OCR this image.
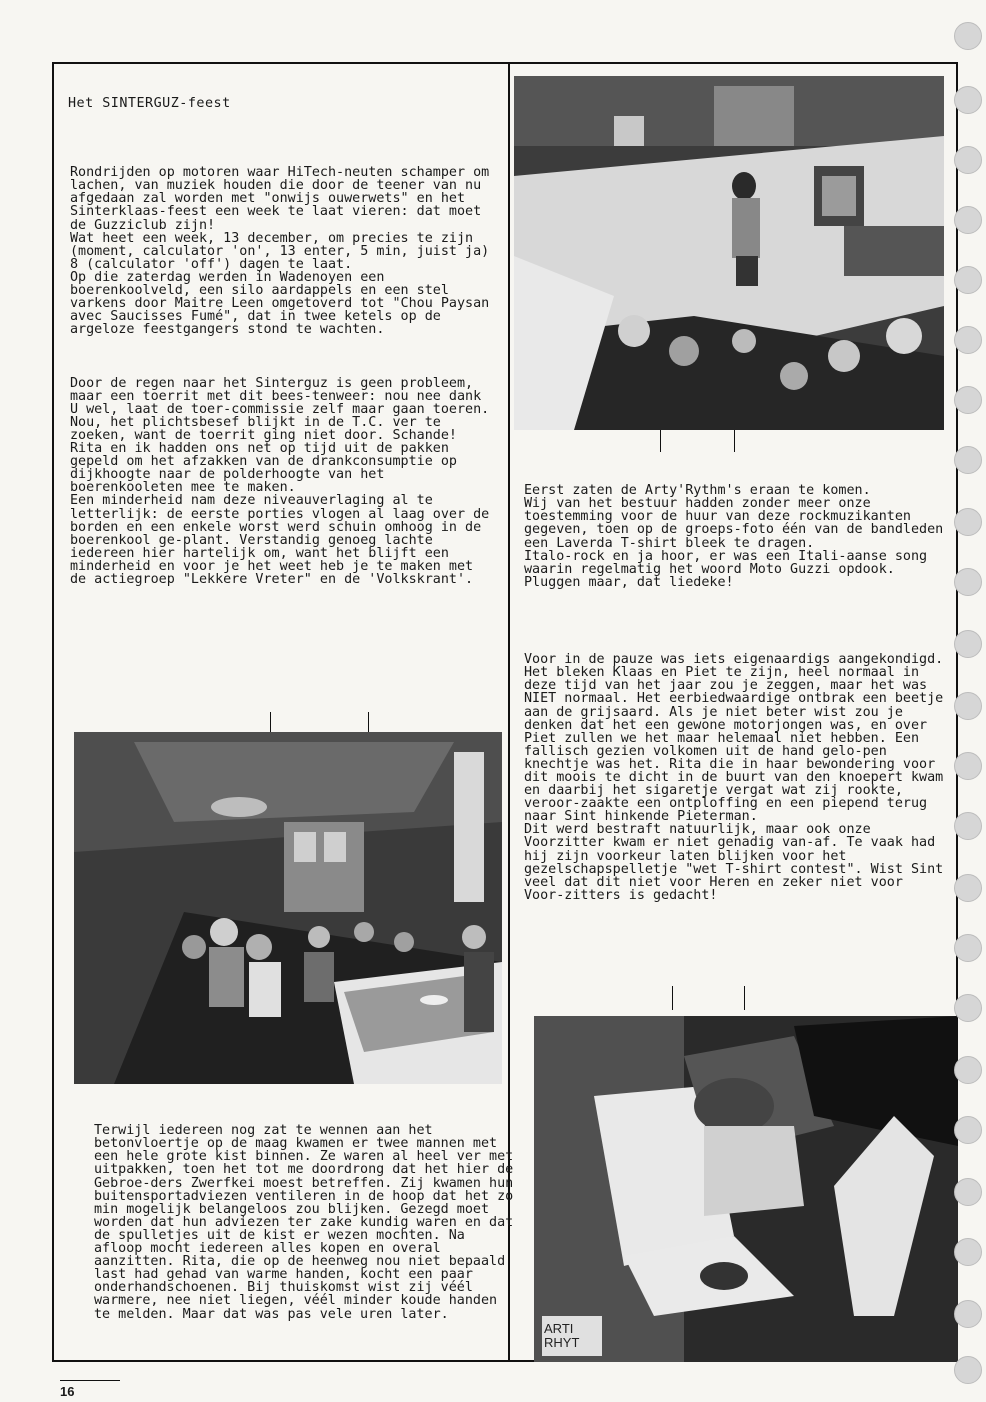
Het SINTERGUZ-feest

Rondrijden op motoren waar HiTech-neuten schamper om lachen, van muziek houden die door de teener van nu afgedaan zal worden met "onwijs ouwerwets" en het Sinterklaas-feest een week te laat vieren: dat moet de Guzziclub zijn!
Wat heet een week, 13 december, om precies te zijn (moment, calculator 'on', 13 enter, 5 min, juist ja) 8 (calculator 'off') dagen te laat.
Op die zaterdag werden in Wadenoyen een boerenkoolveld, een silo aardappels en een stel varkens door Maitre Leen omgetoverd tot "Chou Paysan avec Saucisses Fumé", dat in twee ketels op de argeloze feestgangers stond te wachten.

Door de regen naar het Sinterguz is geen probleem, maar een toerrit met dit bees-tenweer: nou nee dank U wel, laat de toer-commissie zelf maar gaan toeren. Nou, het plichtsbesef blijkt in de T.C. ver te zoeken, want de toerrit ging niet door. Schande!
Rita en ik hadden ons net op tijd uit de pakken gepeld om het afzakken van de drankconsumptie op dijkhoogte naar de polderhoogte van het boerenkooleten mee te maken.
Een minderheid nam deze niveauverlaging al te letterlijk: de eerste porties vlogen al laag over de borden en een enkele worst werd schuin omhoog in de boerenkool ge-plant. Verstandig genoeg lachte iedereen hier hartelijk om, want het blijft een minderheid en voor je het weet heb je te maken met de actiegroep "Lekkere Vreter" en de 'Volkskrant'.

Terwijl iedereen nog zat te wennen aan het betonvloertje op de maag kwamen er twee mannen met een hele grote kist binnen. Ze waren al heel ver met uitpakken, toen het tot me doordrong dat het hier de Gebroe-ders Zwerfkei moest betreffen. Zij kwamen hun buitensportadviezen ventileren in de hoop dat het zo min mogelijk belangeloos zou blijken. Gezegd moet worden dat hun adviezen ter zake kundig waren en dat de spulletjes uit de kist er wezen mochten. Na afloop mocht iedereen alles kopen en overal aanzitten. Rita, die op de heenweg nou niet bepaald last had gehad van warme handen, kocht een paar onderhandschoenen. Bij thuiskomst wist zij véél warmere, nee niet liegen, véél minder koude handen te melden. Maar dat was pas vele uren later.

Eerst zaten de Arty'Rythm's eraan te komen.
Wij van het bestuur hadden zonder meer onze toestemming voor de huur van deze rockmuzikanten gegeven, toen op de groeps-foto één van de bandleden een Laverda T-shirt bleek te dragen.
Italo-rock en ja hoor, er was een Itali-aanse song waarin regelmatig het woord Moto Guzzi opdook. Pluggen maar, dat liedeke!

Voor in de pauze was iets eigenaardigs aangekondigd. Het bleken Klaas en Piet te zijn, heel normaal in deze tijd van het jaar zou je zeggen, maar het was NIET normaal. Het eerbiedwaardige ontbrak een beetje aan de grijsaard. Als je niet beter wist zou je denken dat het een gewone motorjongen was, en over Piet zullen we het maar helemaal niet hebben. Een fallisch gezien volkomen uit de hand gelo-pen knechtje was het. Rita die in haar bewondering voor dit moois te dicht in de buurt van den knoepert kwam en daarbij het sigaretje vergat wat zij rookte, veroor-zaakte een ontploffing en een piepend terug naar Sint hinkende Pieterman.
Dit werd bestraft natuurlijk, maar ook onze Voorzitter kwam er niet genadig van-af. Te vaak had hij zijn voorkeur laten blijken voor het gezelschapspelletje "wet T-shirt contest". Wist Sint veel dat dit niet voor Heren en zeker niet voor Voor-zitters is gedacht!

ARTI RHYT
16
